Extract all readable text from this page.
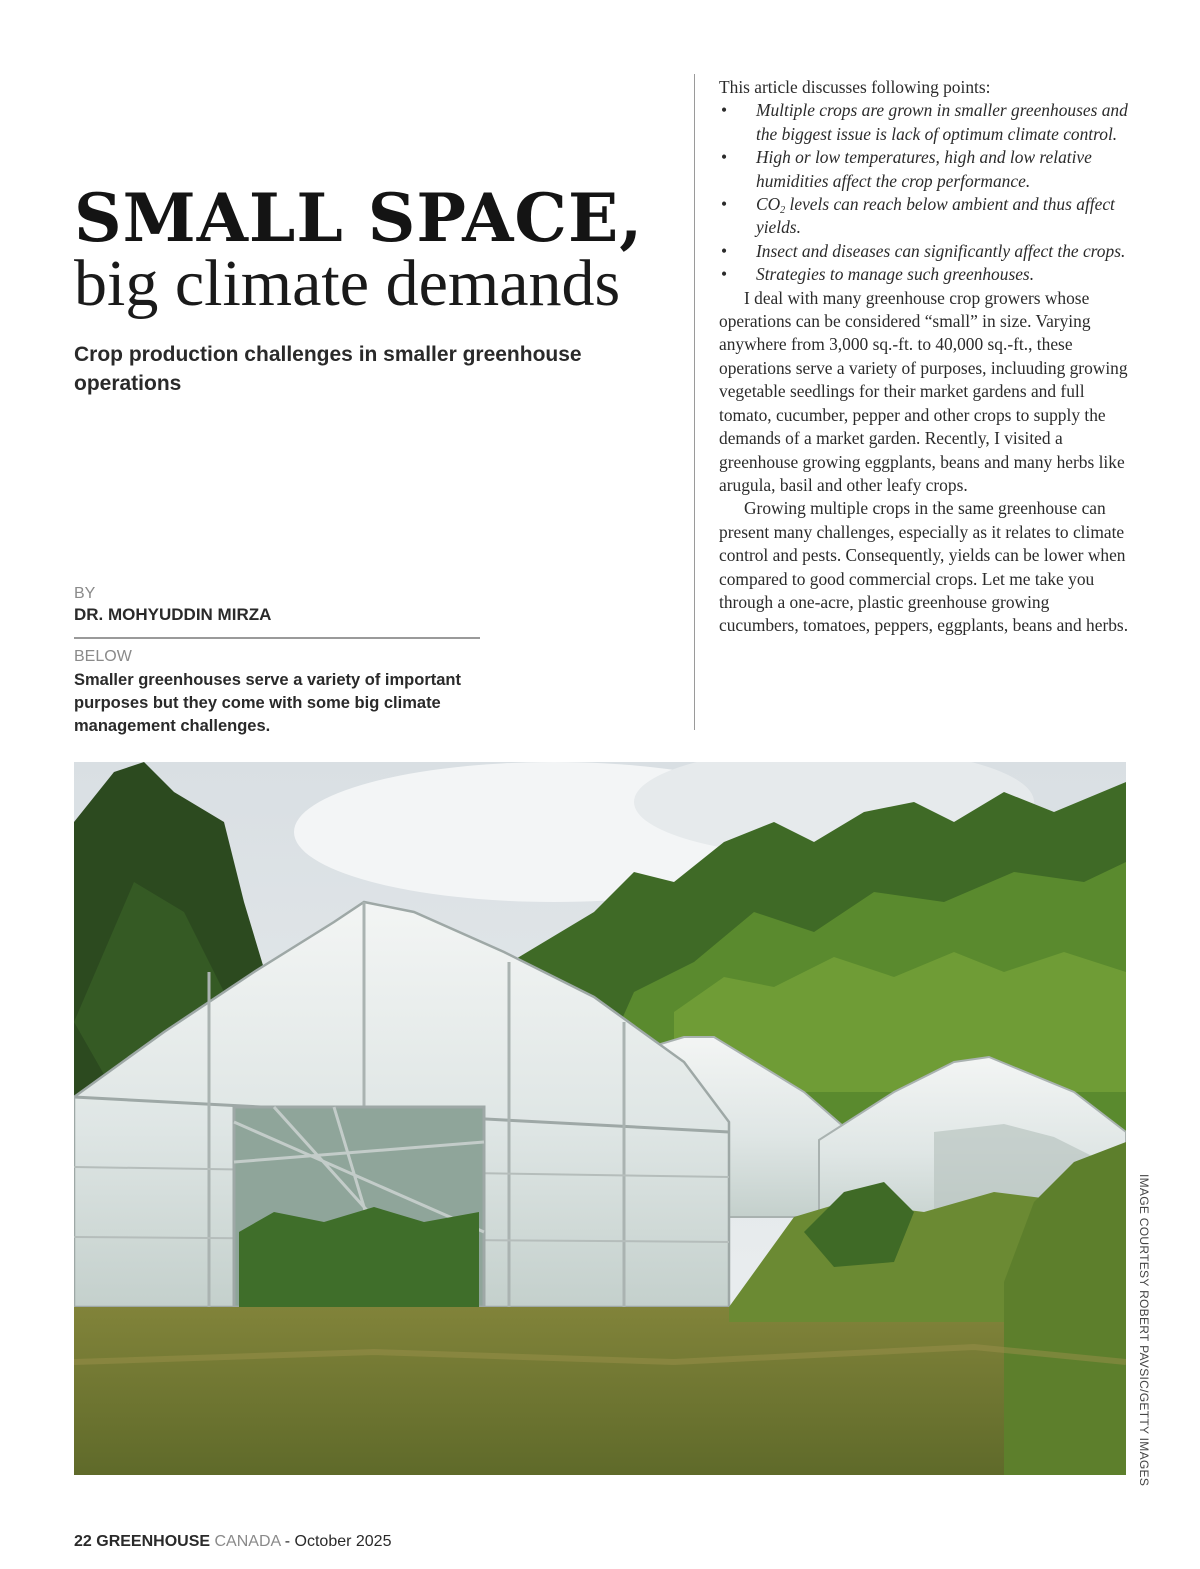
SMALL SPACE,
big climate demands
Crop production challenges in smaller greenhouse operations
BY
DR. MOHYUDDIN MIRZA
BELOW
Smaller greenhouses serve a variety of important purposes but they come with some big climate management challenges.

This article discusses following points:

• Multiple crops are grown in smaller greenhouses and the biggest issue is lack of optimum climate control.
• High or low temperatures, high and low relative humidities affect the crop performance.
• $CO_2$ levels can reach below ambient and thus affect yields.
• Insect and diseases can significantly affect the crops.
• Strategies to manage such greenhouses.

I deal with many greenhouse crop growers whose operations can be considered “small” in size. Varying anywhere from 3,000 sq.-ft. to 40,000 sq.-ft., these operations serve a variety of purposes, incluuding growing vegetable seedlings for their market gardens and full tomato, cucumber, pepper and other crops to supply the demands of a market garden. Recently, I visited a greenhouse growing eggplants, beans and many herbs like arugula, basil and other leafy crops.

Growing multiple crops in the same greenhouse can present many challenges, especially as it relates to climate control and pests. Consequently, yields can be lower when compared to good commercial crops. Let me take you through a one-acre, plastic greenhouse growing cucumbers, tomatoes, peppers, eggplants, beans and herbs.

IMAGE COURTESY ROBERT PAVSIC/GETTY IMAGES
22 GREENHOUSE CANADA - October 2025
